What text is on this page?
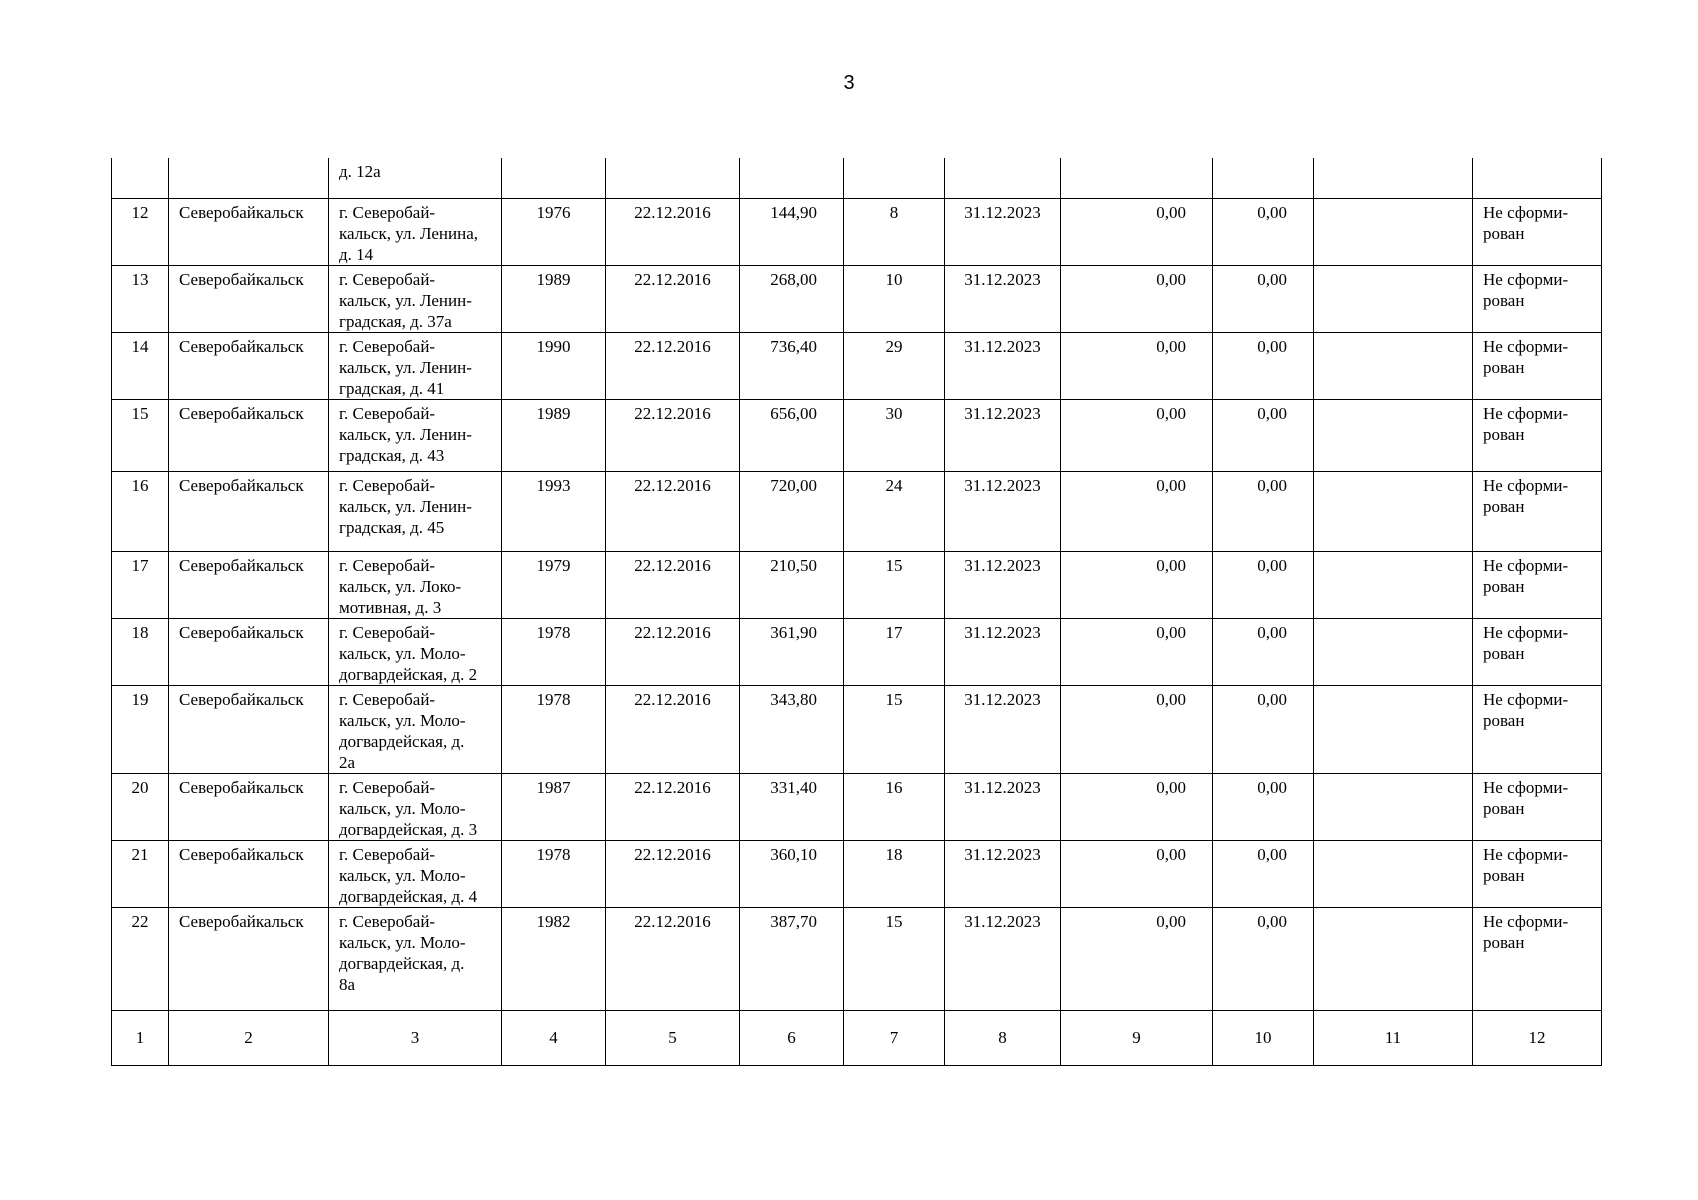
3
		д. 12а									
12	Северобайкальск	г. Северобай-
кальск, ул. Ленина,
д. 14	1976	22.12.2016	144,90	8	31.12.2023	0,00	0,00		Не сформи-
рован
13	Северобайкальск	г. Северобай-
кальск, ул. Ленин-
градская, д. 37а	1989	22.12.2016	268,00	10	31.12.2023	0,00	0,00		Не сформи-
рован
14	Северобайкальск	г. Северобай-
кальск, ул. Ленин-
градская, д. 41	1990	22.12.2016	736,40	29	31.12.2023	0,00	0,00		Не сформи-
рован
15	Северобайкальск	г. Северобай-
кальск, ул. Ленин-
градская, д. 43	1989	22.12.2016	656,00	30	31.12.2023	0,00	0,00		Не сформи-
рован
16	Северобайкальск	г. Северобай-
кальск, ул. Ленин-
градская, д. 45	1993	22.12.2016	720,00	24	31.12.2023	0,00	0,00		Не сформи-
рован
17	Северобайкальск	г. Северобай-
кальск, ул. Локо-
мотивная, д. 3	1979	22.12.2016	210,50	15	31.12.2023	0,00	0,00		Не сформи-
рован
18	Северобайкальск	г. Северобай-
кальск, ул. Моло-
догвардейская, д. 2	1978	22.12.2016	361,90	17	31.12.2023	0,00	0,00		Не сформи-
рован
19	Северобайкальск	г. Северобай-
кальск, ул. Моло-
догвардейская, д.
2а	1978	22.12.2016	343,80	15	31.12.2023	0,00	0,00		Не сформи-
рован
20	Северобайкальск	г. Северобай-
кальск, ул. Моло-
догвардейская, д. 3	1987	22.12.2016	331,40	16	31.12.2023	0,00	0,00		Не сформи-
рован
21	Северобайкальск	г. Северобай-
кальск, ул. Моло-
догвардейская, д. 4	1978	22.12.2016	360,10	18	31.12.2023	0,00	0,00		Не сформи-
рован
22	Северобайкальск	г. Северобай-
кальск, ул. Моло-
догвардейская, д.
8а	1982	22.12.2016	387,70	15	31.12.2023	0,00	0,00		Не сформи-
рован
1	2	3	4	5	6	7	8	9	10	11	12
